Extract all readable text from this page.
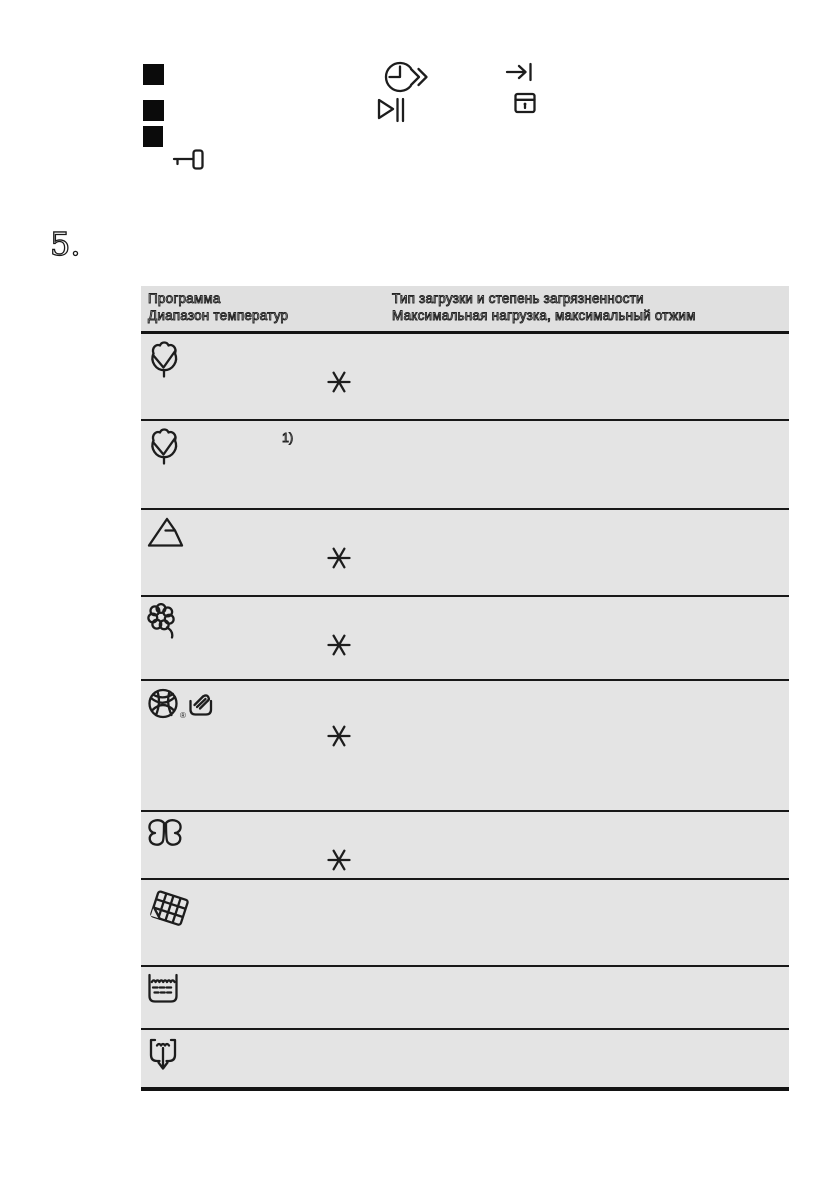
5.
Программа
Диапазон температур
Тип загрузки и степень загрязненности
Максимальная нагрузка, максимальный отжим
1)
®
